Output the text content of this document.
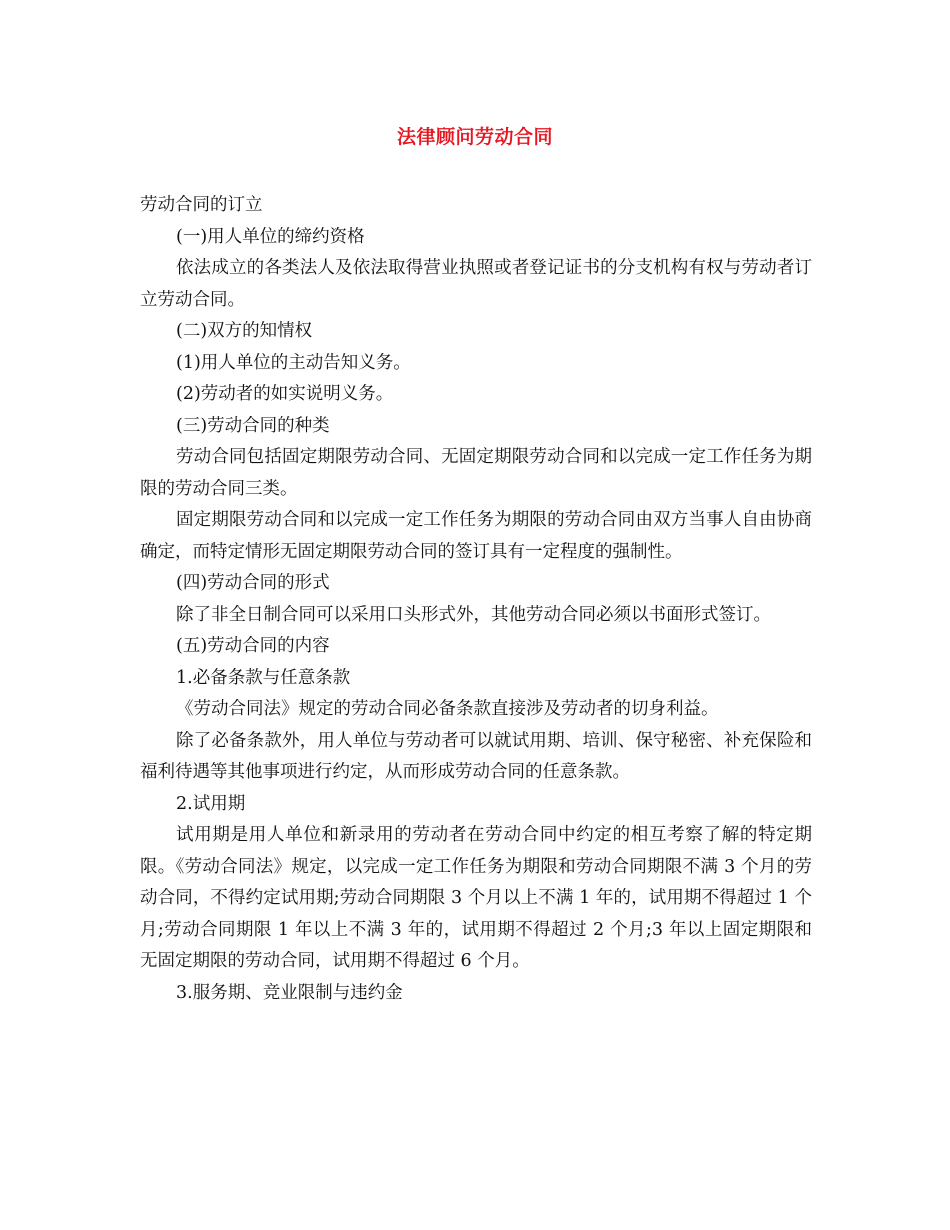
法律顾问劳动合同

劳动合同的订立

(一)用人单位的缔约资格

依法成立的各类法人及依法取得营业执照或者登记证书的分支机构有权与劳动者订立劳动合同。

(二)双方的知情权

(1)用人单位的主动告知义务。

(2)劳动者的如实说明义务。

(三)劳动合同的种类

劳动合同包括固定期限劳动合同、无固定期限劳动合同和以完成一定工作任务为期限的劳动合同三类。

固定期限劳动合同和以完成一定工作任务为期限的劳动合同由双方当事人自由协商确定，而特定情形无固定期限劳动合同的签订具有一定程度的强制性。

(四)劳动合同的形式

除了非全日制合同可以采用口头形式外，其他劳动合同必须以书面形式签订。

(五)劳动合同的内容

1.必备条款与任意条款

《劳动合同法》规定的劳动合同必备条款直接涉及劳动者的切身利益。

除了必备条款外，用人单位与劳动者可以就试用期、培训、保守秘密、补充保险和福利待遇等其他事项进行约定，从而形成劳动合同的任意条款。

2.试用期

试用期是用人单位和新录用的劳动者在劳动合同中约定的相互考察了解的特定期限。《劳动合同法》规定，以完成一定工作任务为期限和劳动合同期限不满 3 个月的劳动合同，不得约定试用期;劳动合同期限 3 个月以上不满 1 年的，试用期不得超过 1 个月;劳动合同期限 1 年以上不满 3 年的，试用期不得超过 2 个月;3 年以上固定期限和无固定期限的劳动合同，试用期不得超过 6 个月。

3.服务期、竞业限制与违约金
